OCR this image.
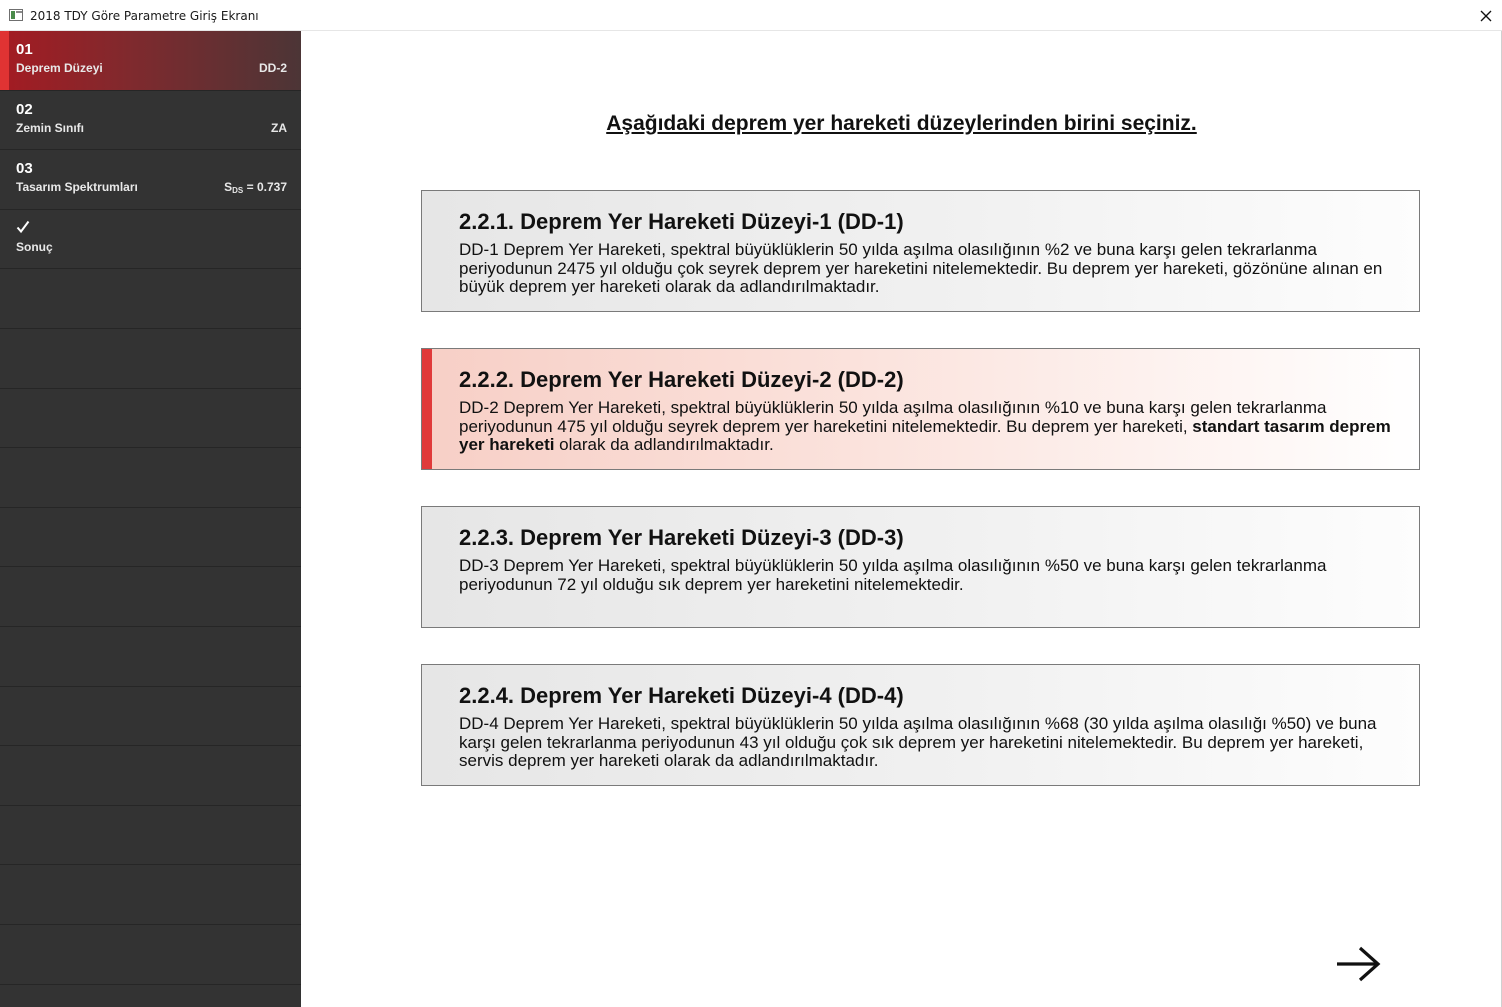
2018 TDY Göre Parametre Giriş Ekranı
01
Deprem Düzeyi	DD-2
02
Zemin Sınıfı	ZA
03
Tasarım Spektrumları	$S_{DS} = 0.737$
Sonuç
Aşağıdaki deprem yer hareketi düzeylerinden birini seçiniz.
2.2.1. Deprem Yer Hareketi Düzeyi-1 (DD-1)
DD-1 Deprem Yer Hareketi, spektral büyüklüklerin 50 yılda aşılma olasılığının %2 ve buna karşı gelen tekrarlanma periyodunun 2475 yıl olduğu çok seyrek deprem yer hareketini nitelemektedir. Bu deprem yer hareketi, gözönüne alınan en büyük deprem yer hareketi olarak da adlandırılmaktadır.
2.2.2. Deprem Yer Hareketi Düzeyi-2 (DD-2)
DD-2 Deprem Yer Hareketi, spektral büyüklüklerin 50 yılda aşılma olasılığının %10 ve buna karşı gelen tekrarlanma periyodunun 475 yıl olduğu seyrek deprem yer hareketini nitelemektedir. Bu deprem yer hareketi, standart tasarım deprem yer hareketi olarak da adlandırılmaktadır.
2.2.3. Deprem Yer Hareketi Düzeyi-3 (DD-3)
DD-3 Deprem Yer Hareketi, spektral büyüklüklerin 50 yılda aşılma olasılığının %50 ve buna karşı gelen tekrarlanma periyodunun 72 yıl olduğu sık deprem yer hareketini nitelemektedir.
2.2.4. Deprem Yer Hareketi Düzeyi-4 (DD-4)
DD-4 Deprem Yer Hareketi, spektral büyüklüklerin 50 yılda aşılma olasılığının %68 (30 yılda aşılma olasılığı %50) ve buna karşı gelen tekrarlanma periyodunun 43 yıl olduğu çok sık deprem yer hareketini nitelemektedir. Bu deprem yer hareketi, servis deprem yer hareketi olarak da adlandırılmaktadır.
